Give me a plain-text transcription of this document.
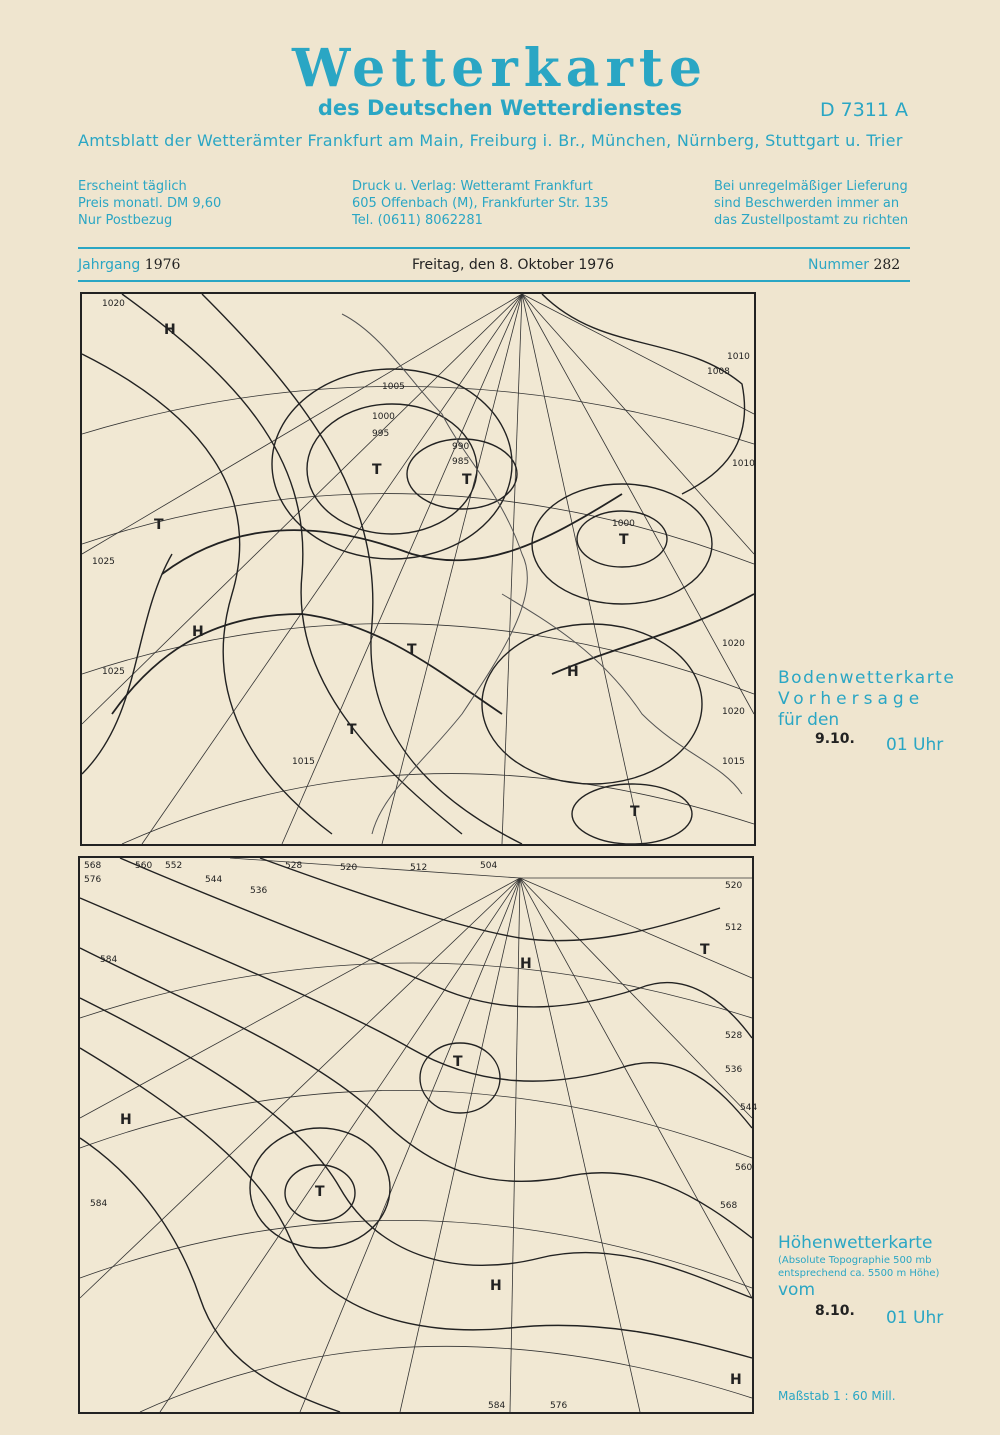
Wetterkarte
des Deutschen Wetterdienstes	D 7311 A
Amtsblatt der Wetterämter Frankfurt am Main, Freiburg i. Br., München, Nürnberg, Stuttgart u. Trier
Erscheint täglich
Preis monatl. DM 9,60
Nur Postbezug
Druck u. Verlag: Wetteramt Frankfurt
605 Offenbach (M), Frankfurter Str. 135
Tel. (0611) 8062281
Bei unregelmäßiger Lieferung
sind Beschwerden immer an
das Zustellpostamt zu richten
Jahrgang 1976	Freitag, den 8. Oktober 1976	Nummer 282
1020
1025
1015
1005
1000
995
990
985
1010
1008
1020
1025
1020
1015
1010
1000
H
T
T
T
H
T
T
T
H
T
Bodenwetterkarte
Vorhersage
für den
9.10. 01 Uhr
568	560 552
544
536
528	520	512	504
576
584
520
512
528
536
544
560
568
584
576
584
H
H
T
T
H
T
H
Höhenwetterkarte
(Absolute Topographie 500 mb
entsprechend ca. 5500 m Höhe)
vom
8.10. 01 Uhr
Maßstab 1 : 60 Mill.
